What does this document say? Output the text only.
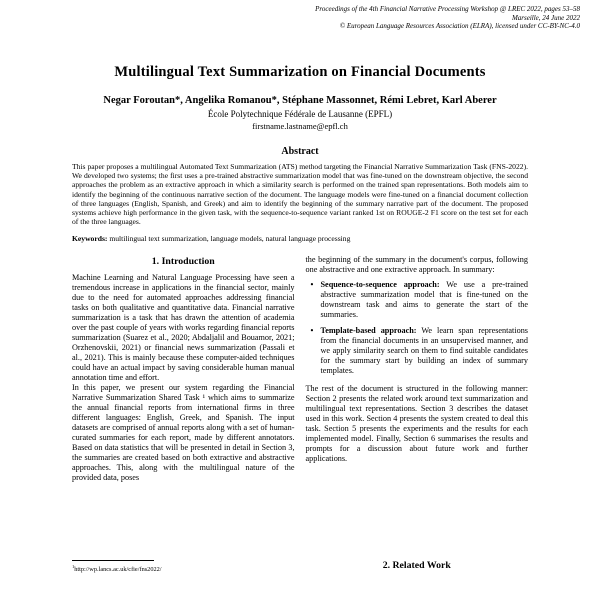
Proceedings of the 4th Financial Narrative Processing Workshop @ LREC 2022, pages 53–58
Marseille, 24 June 2022
© European Language Resources Association (ELRA), licensed under CC-BY-NC-4.0
Multilingual Text Summarization on Financial Documents
Negar Foroutan*, Angelika Romanou*, Stéphane Massonnet, Rémi Lebret, Karl Aberer
École Polytechnique Fédérale de Lausanne (EPFL)
firstname.lastname@epfl.ch
Abstract
This paper proposes a multilingual Automated Text Summarization (ATS) method targeting the Financial Narrative Summarization Task (FNS-2022). We developed two systems; the first uses a pre-trained abstractive summarization model that was fine-tuned on the downstream objective, the second approaches the problem as an extractive approach in which a similarity search is performed on the trained span representations. Both models aim to identify the beginning of the continuous narrative section of the document. The language models were fine-tuned on a financial document collection of three languages (English, Spanish, and Greek) and aim to identify the beginning of the summary narrative part of the document. The proposed systems achieve high performance in the given task, with the sequence-to-sequence variant ranked 1st on ROUGE-2 F1 score on the test set for each of the three languages.
Keywords: multilingual text summarization, language models, natural language processing
1. Introduction

Machine Learning and Natural Language Processing have seen a tremendous increase in applications in the financial sector, mainly due to the need for automated approaches addressing financial tasks on both qualitative and quantitative data. Financial narrative summarization is a task that has drawn the attention of academia over the past couple of years with works regarding financial reports summarization (Suarez et al., 2020; Abdaljalil and Bouamor, 2021; Orzhenovskii, 2021) or financial news summarization (Passali et al., 2021). This is mainly because these computer-aided techniques could have an actual impact by saving considerable human manual annotation time and effort.

In this paper, we present our system regarding the Financial Narrative Summarization Shared Task ¹ which aims to summarize the annual financial reports from international firms in three different languages: English, Greek, and Spanish. The input datasets are comprised of annual reports along with a set of human-curated summaries for each report, made by different annotators. Based on data statistics that will be presented in detail in Section 3, the summaries are created based on both extractive and abstractive approaches. This, along with the multilingual nature of the provided data, poses

$^1$http://wp.lancs.ac.uk/cfie/fns2022/

the beginning of the summary in the document's corpus, following one abstractive and one extractive approach. In summary:

• Sequence-to-sequence approach: We use a pre-trained abstractive summarization model that is fine-tuned on the downstream task and aims to generate the start of the summaries.
• Template-based approach: We learn span representations from the financial documents in an unsupervised manner, and we apply similarity search on them to find suitable candidates for the summary start by building an index of summary templates.

The rest of the document is structured in the following manner: Section 2 presents the related work around text summarization and multilingual text representations. Section 3 describes the dataset used in this work. Section 4 presents the system created to deal this task. Section 5 presents the experiments and the results for each implemented model. Finally, Section 6 summarises the results and prompts for a discussion about future work and further applications.

2. Related Work
